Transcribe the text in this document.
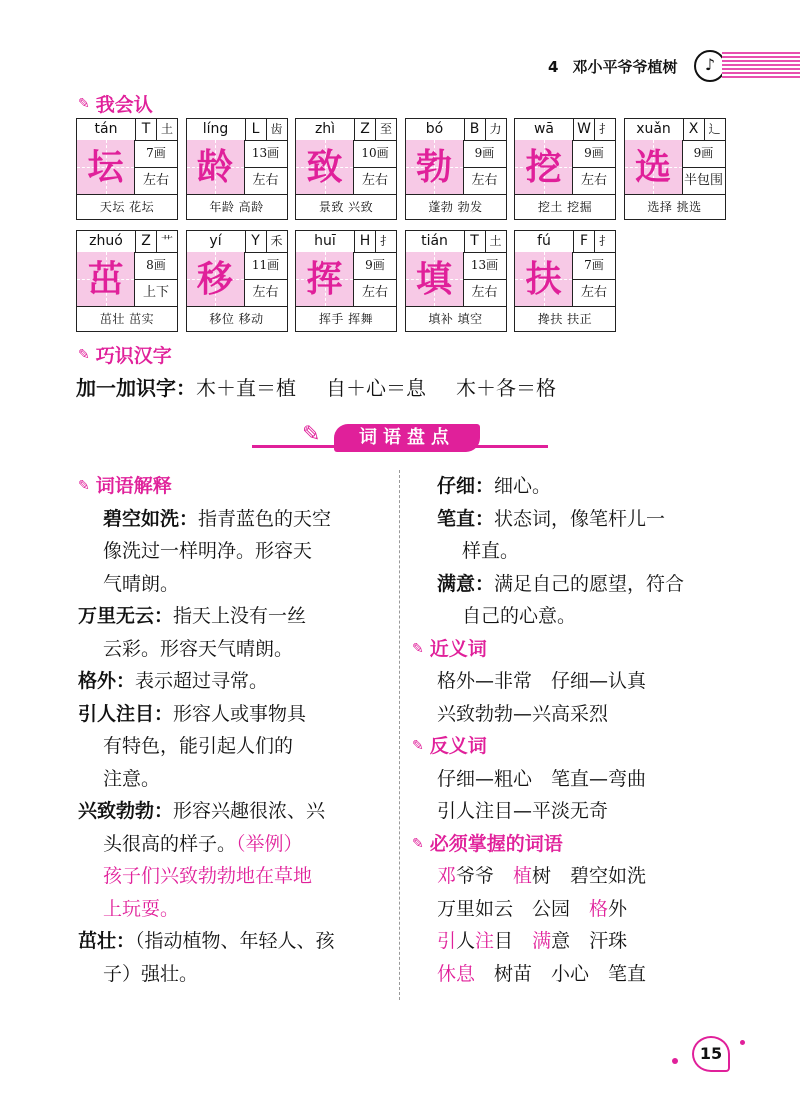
4 邓小平爷爷植树	♪
✎ 我会认
tán	T 土
坛	7画
左右
天坛 花坛
líng	L 齿
龄	13画
左右
年龄 高龄
zhì	Z 至
致	10画
左右
景致 兴致
bó	B 力
勃	9画
左右
蓬勃 勃发
wā	W 扌
挖	9画
左右
挖土 挖掘
xuǎn	X 辶
选	9画
半包围
选择 挑选
zhuó	Z 艹
茁	8画
上下
茁壮 茁实
yí	Y 禾
移	11画
左右
移位 移动
huī	H 扌
挥	9画
左右
挥手 挥舞
tián	T 土
填	13画
左右
填补 填空
fú	F 扌
扶	7画
左右
搀扶 扶正
✎ 巧识汉字
加一加识字：木＋直＝植 自＋心＝息 木＋各＝格
✎	词语盘点

✎ 词语解释

碧空如洗：指青蓝色的天空

像洗过一样明净。形容天

气晴朗。

万里无云：指天上没有一丝

云彩。形容天气晴朗。

格外：表示超过寻常。

引人注目：形容人或事物具

有特色，能引起人们的

注意。

兴致勃勃：形容兴趣很浓、兴

头很高的样子。（举例）

孩子们兴致勃勃地在草地

上玩耍。

茁壮：（指动植物、年轻人、孩

子）强壮。

仔细：细心。

笔直：状态词，像笔杆儿一

样直。

满意：满足自己的愿望，符合

自己的心意。

✎ 近义词

格外—非常　仔细—认真

兴致勃勃—兴高采烈

✎ 反义词

仔细—粗心　笔直—弯曲

引人注目—平淡无奇

✎ 必须掌握的词语

邓爷爷　植树　碧空如洗

万里如云　公园　格外

引人注目　满意　汗珠

休息　树苗　小心　笔直

15
